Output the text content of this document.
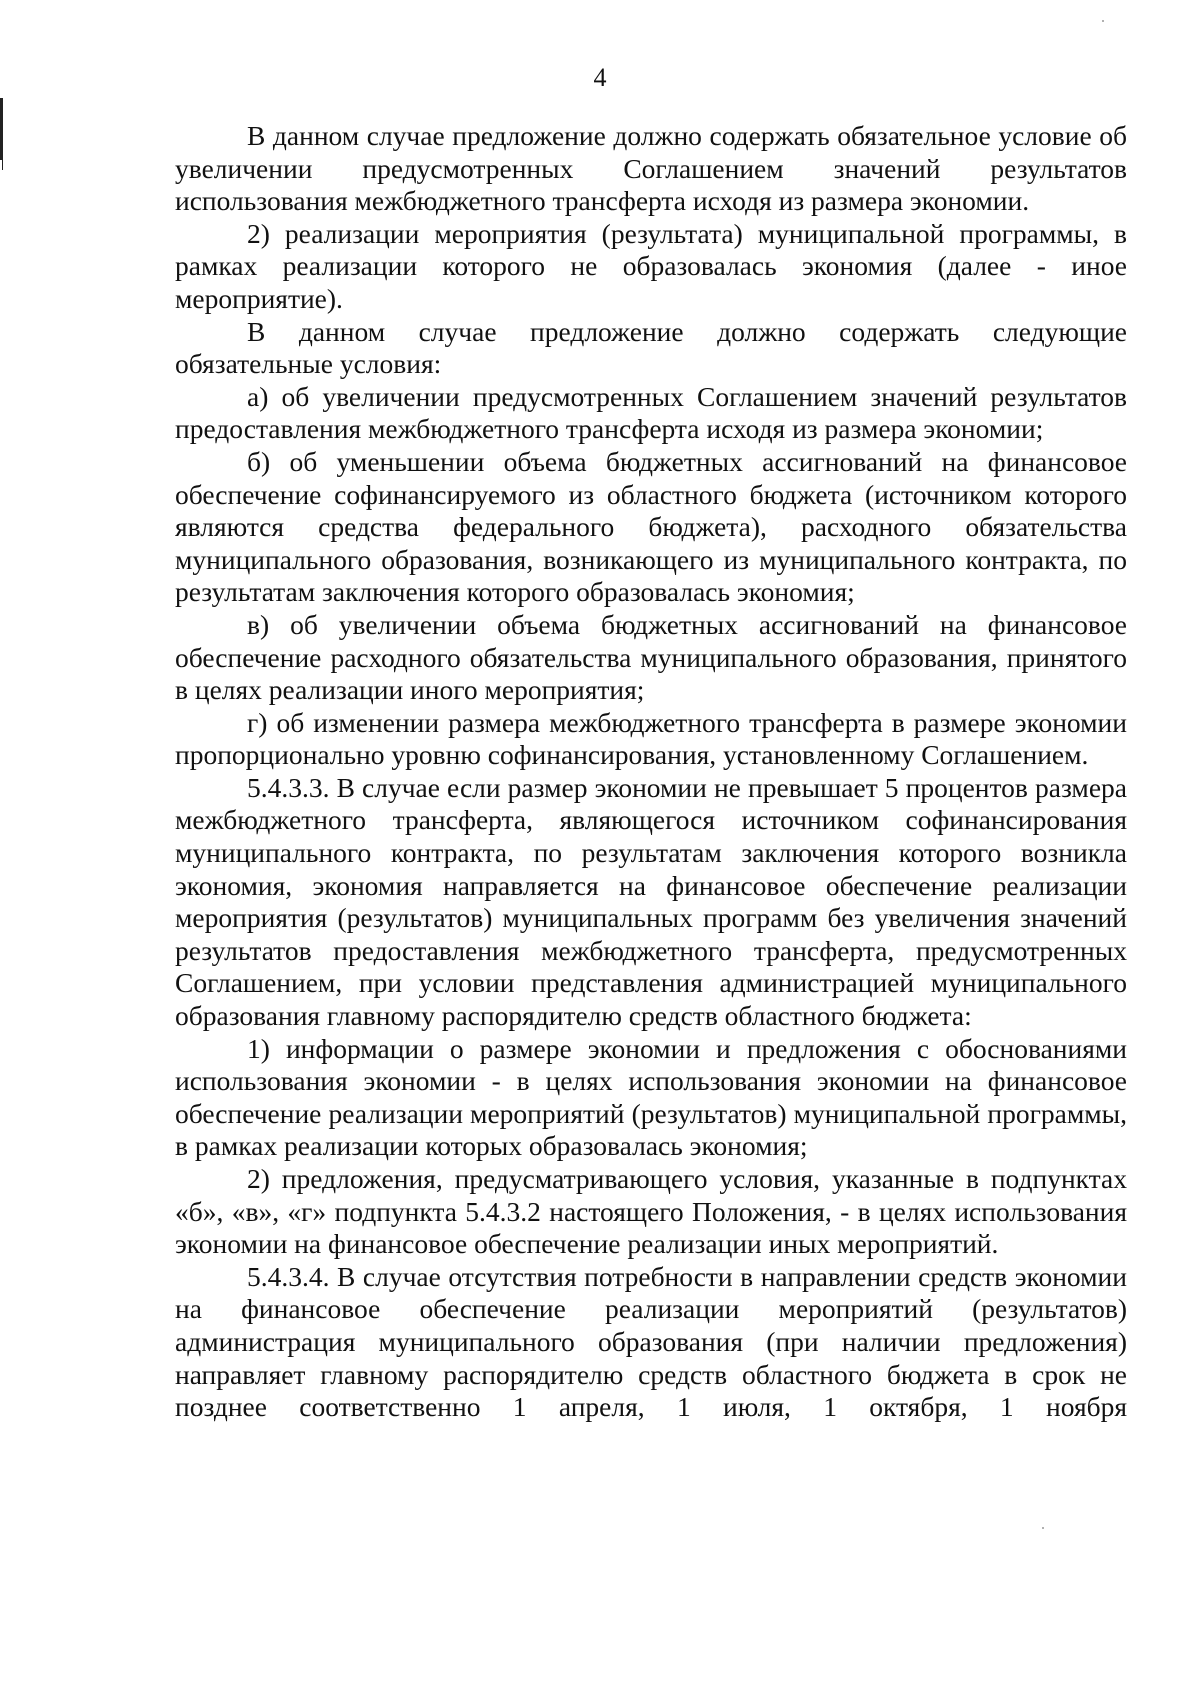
4

В данном случае предложение должно содержать обязательное условие об увеличении предусмотренных Соглашением значений результатов использования межбюджетного трансферта исходя из размера экономии.

2) реализации мероприятия (результата) муниципальной программы, в рамках реализации которого не образовалась экономия (далее - иное мероприятие).

В данном случае предложение должно содержать следующие обязательные условия:

а) об увеличении предусмотренных Соглашением значений результатов предоставления межбюджетного трансферта исходя из размера экономии;

б) об уменьшении объема бюджетных ассигнований на финансовое обеспечение софинансируемого из областного бюджета (источником которого являются средства федерального бюджета), расходного обязательства муниципального образования, возникающего из муниципального контракта, по результатам заключения которого образовалась экономия;

в) об увеличении объема бюджетных ассигнований на финансовое обеспечение расходного обязательства муниципального образования, принятого в целях реализации иного мероприятия;

г) об изменении размера межбюджетного трансферта в размере экономии пропорционально уровню софинансирования, установленному Соглашением.

5.4.3.3. В случае если размер экономии не превышает 5 процентов размера межбюджетного трансферта, являющегося источником софинансирования муниципального контракта, по результатам заключения которого возникла экономия, экономия направляется на финансовое обеспечение реализации мероприятия (результатов) муниципальных программ без увеличения значений результатов предоставления межбюджетного трансферта, предусмотренных Соглашением, при условии представления администрацией муниципального образования главному распорядителю средств областного бюджета:

1) информации о размере экономии и предложения с обоснованиями использования экономии - в целях использования экономии на финансовое обеспечение реализации мероприятий (результатов) муниципальной программы, в рамках реализации которых образовалась экономия;

2) предложения, предусматривающего условия, указанные в подпунктах «б», «в», «г» подпункта 5.4.3.2 настоящего Положения, - в целях использования экономии на финансовое обеспечение реализации иных мероприятий.

5.4.3.4. В случае отсутствия потребности в направлении средств экономии на финансовое обеспечение реализации мероприятий (результатов) администрация муниципального образования (при наличии предложения) направляет главному распорядителю средств областного бюджета в срок не позднее соответственно 1 апреля, 1 июля, 1 октября, 1 ноября
